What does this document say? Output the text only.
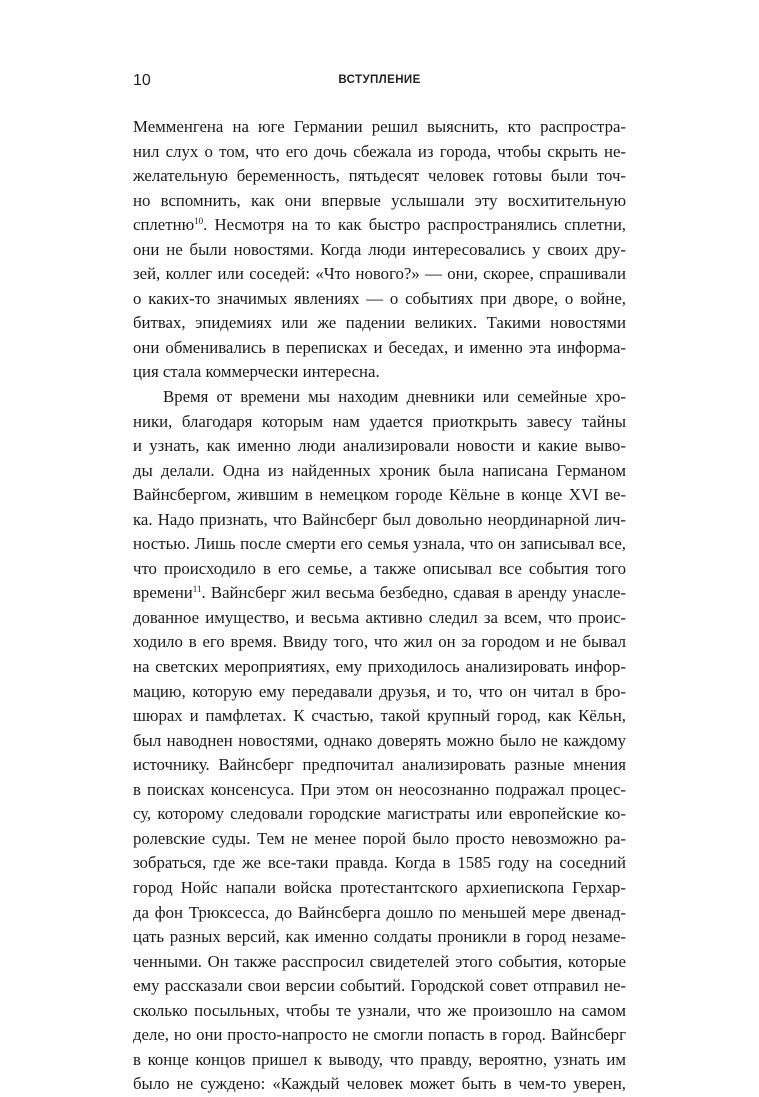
10	ВСТУПЛЕНИЕ
Мемменгена на юге Германии решил выяснить, кто распростра-
нил слух о том, что его дочь сбежала из города, чтобы скрыть не-
желательную беременность, пятьдесят человек готовы были точ-
но вспомнить, как они впервые услышали эту восхитительную
сплетню$^{10}$. Несмотря на то как быстро распространялись сплетни,
они не были новостями. Когда люди интересовались у своих дру-
зей, коллег или соседей: «Что нового?» — они, скорее, спрашивали
о каких-то значимых явлениях — о событиях при дворе, о войне,
битвах, эпидемиях или же падении великих. Такими новостями
они обменивались в переписках и беседах, и именно эта информа-
ция стала коммерчески интересна.
Время от времени мы находим дневники или семейные хро-
ники, благодаря которым нам удается приоткрыть завесу тайны
и узнать, как именно люди анализировали новости и какие выво-
ды делали. Одна из найденных хроник была написана Германом
Вайнсбергом, жившим в немецком городе Кёльне в конце XVI ве-
ка. Надо признать, что Вайнсберг был довольно неординарной лич-
ностью. Лишь после смерти его семья узнала, что он записывал все,
что происходило в его семье, а также описывал все события того
времени$^{11}$. Вайнсберг жил весьма безбедно, сдавая в аренду унасле-
дованное имущество, и весьма активно следил за всем, что проис-
ходило в его время. Ввиду того, что жил он за городом и не бывал
на светских мероприятиях, ему приходилось анализировать инфор-
мацию, которую ему передавали друзья, и то, что он читал в бро-
шюрах и памфлетах. К счастью, такой крупный город, как Кёльн,
был наводнен новостями, однако доверять можно было не каждому
источнику. Вайнсберг предпочитал анализировать разные мнения
в поисках консенсуса. При этом он неосознанно подражал процес-
су, которому следовали городские магистраты или европейские ко-
ролевские суды. Тем не менее порой было просто невозможно ра-
зобраться, где же все-таки правда. Когда в 1585 году на соседний
город Нойс напали войска протестантского архиепископа Герхар-
да фон Трюксесса, до Вайнсберга дошло по меньшей мере двенад-
цать разных версий, как именно солдаты проникли в город незаме-
ченными. Он также расспросил свидетелей этого события, которые
ему рассказали свои версии событий. Городской совет отправил не-
сколько посыльных, чтобы те узнали, что же произошло на самом
деле, но они просто-напросто не смогли попасть в город. Вайнсберг
в конце концов пришел к выводу, что правду, вероятно, узнать им
было не суждено: «Каждый человек может быть в чем-то уверен,
